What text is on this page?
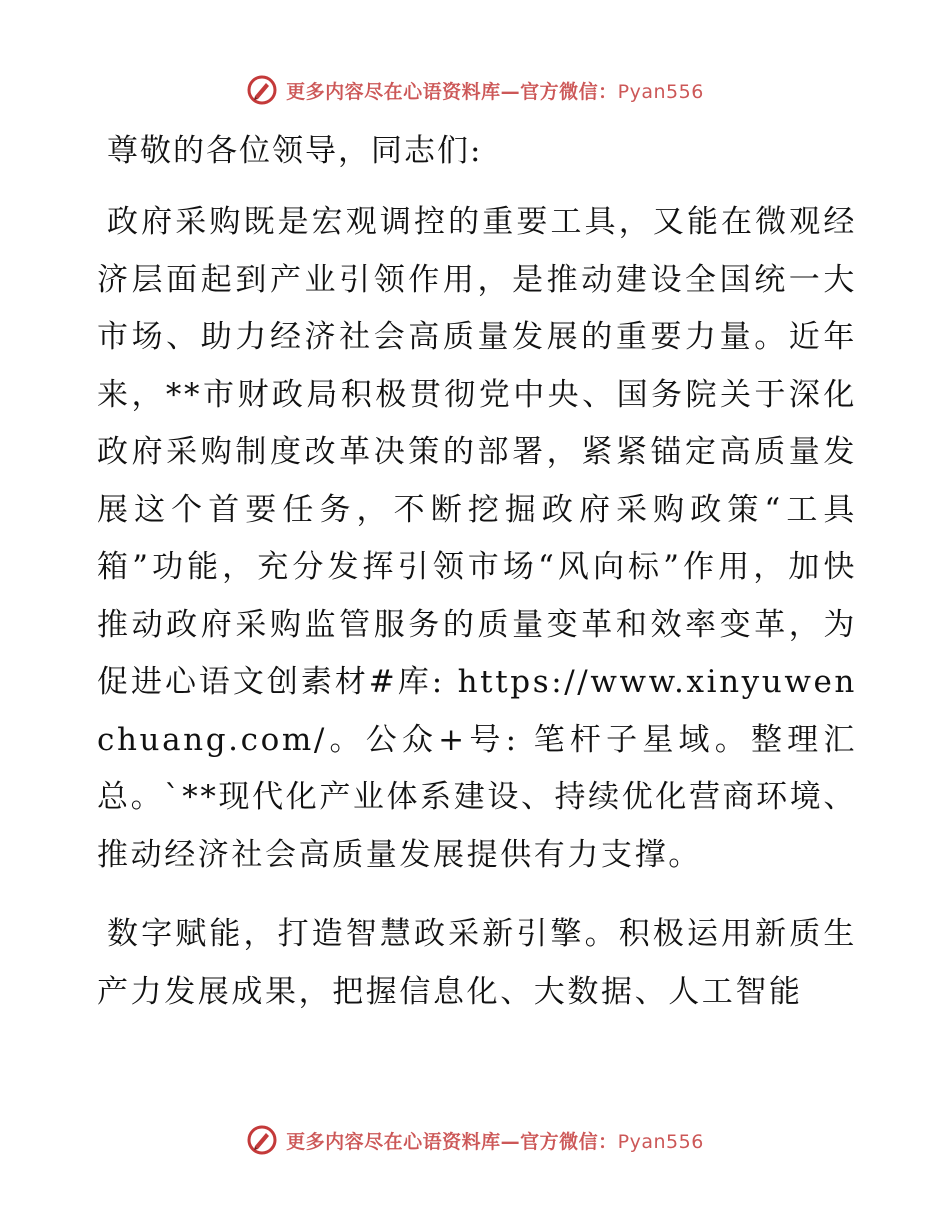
更多内容尽在心语资料库—官方微信：Pyan556

尊敬的各位领导，同志们:

政府采购既是宏观调控的重要工具，又能在微观经济层面起到产业引领作用，是推动建设全国统一大市场、助力经济社会高质量发展的重要力量。近年来，**市财政局积极贯彻党中央、国务院关于深化政府采购制度改革决策的部署，紧紧锚定高质量发展这个首要任务，不断挖掘政府采购政策“工具箱”功能，充分发挥引领市场“风向标”作用，加快推动政府采购监管服务的质量变革和效率变革，为促进心语文创素材#库: https://www.xinyuwenchuang.com/。公众+号: 笔杆子星域。整理汇总。`**现代化产业体系建设、持续优化营商环境、推动经济社会高质量发展提供有力支撑。

数字赋能，打造智慧政采新引擎。积极运用新质生产力发展成果，把握信息化、大数据、人工智能

更多内容尽在心语资料库—官方微信：Pyan556
